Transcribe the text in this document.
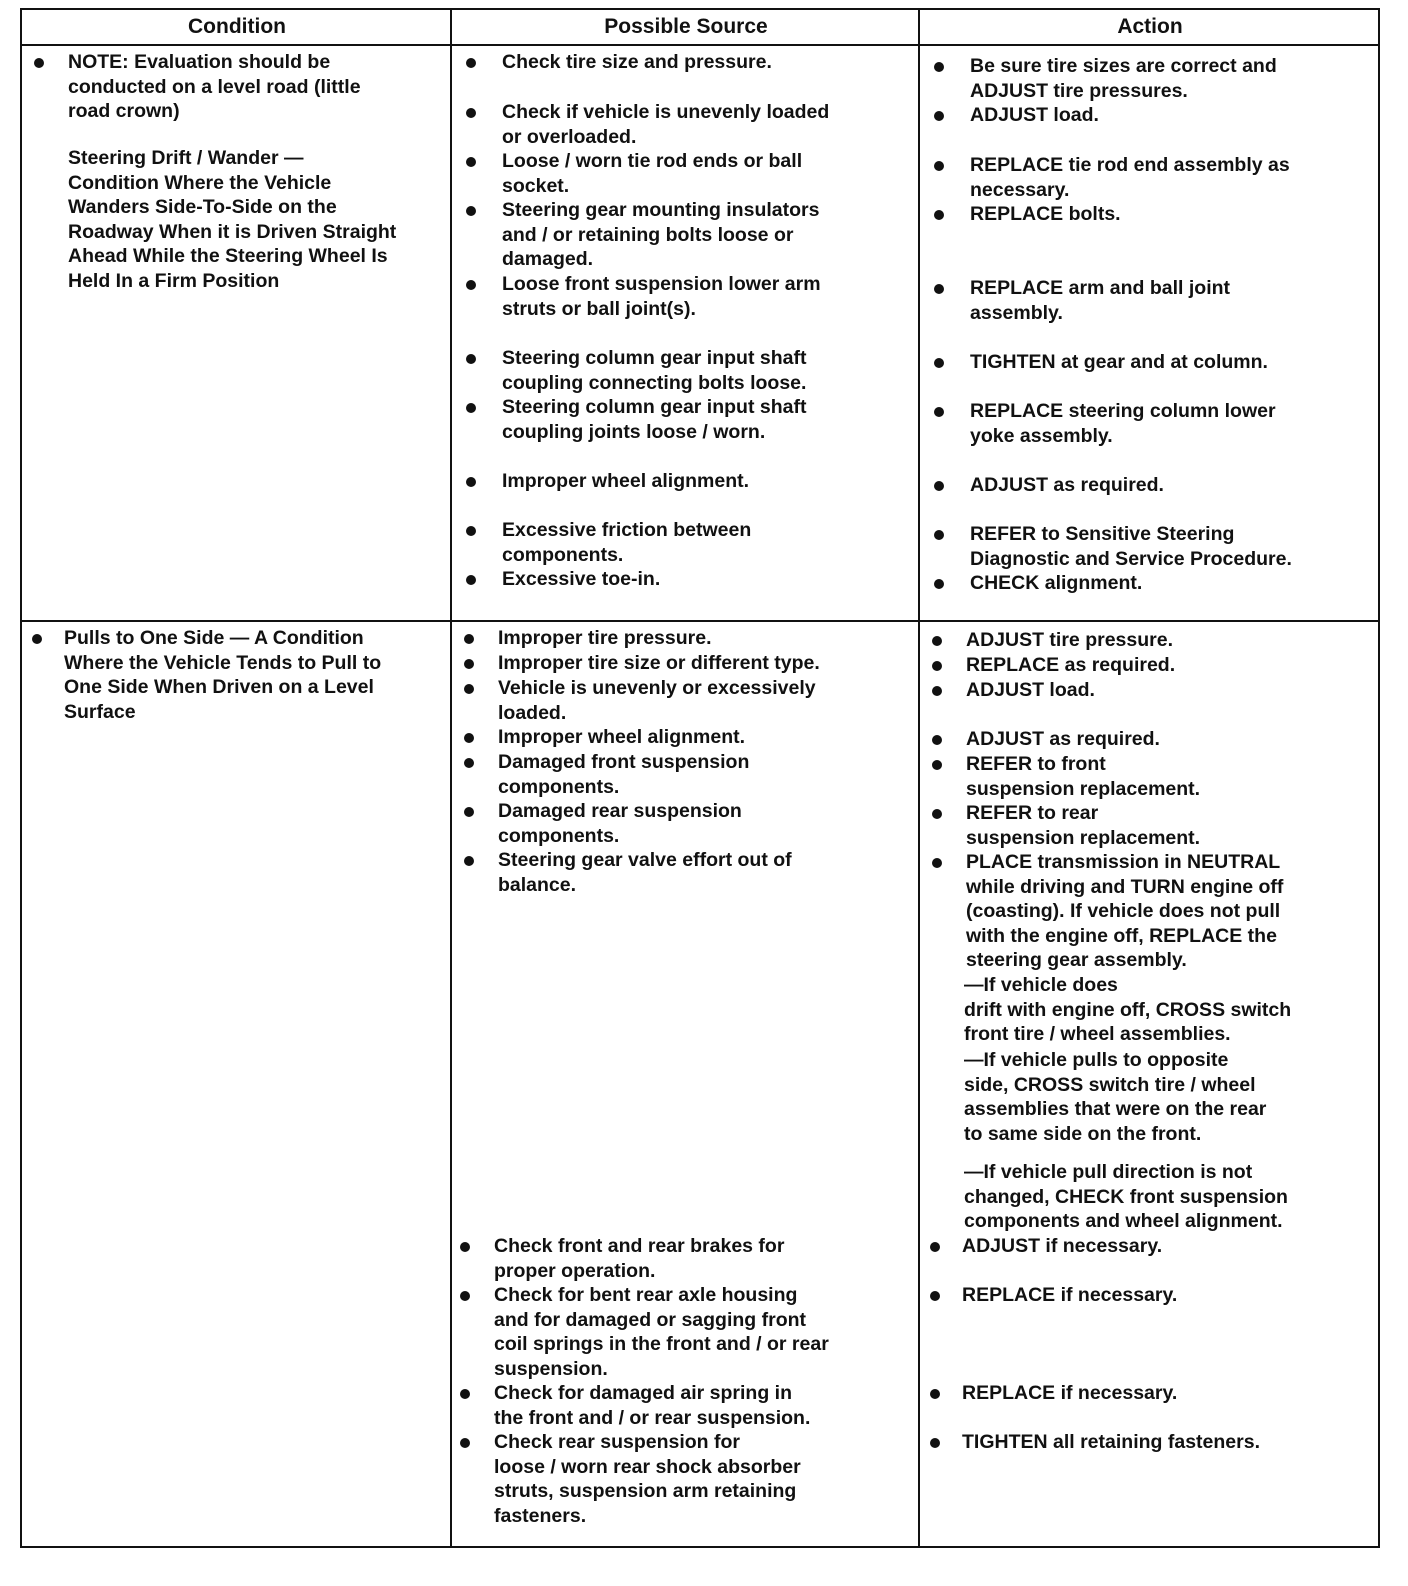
Condition	Possible Source	Action
NOTE: Evaluation should be
conducted on a level road (little
road crown)
Steering Drift / Wander —
Condition Where the Vehicle
Wanders Side-To-Side on the
Roadway When it is Driven Straight
Ahead While the Steering Wheel Is
Held In a Firm Position
Check tire size and pressure.
Check if vehicle is unevenly loaded
or overloaded.
Loose / worn tie rod ends or ball
socket.
Steering gear mounting insulators
and / or retaining bolts loose or
damaged.
Loose front suspension lower arm
struts or ball joint(s).
Steering column gear input shaft
coupling connecting bolts loose.
Steering column gear input shaft
coupling joints loose / worn.
Improper wheel alignment.
Excessive friction between
components.
Excessive toe-in.
Be sure tire sizes are correct and
ADJUST tire pressures.
ADJUST load.
REPLACE tie rod end assembly as
necessary.
REPLACE bolts.
REPLACE arm and ball joint
assembly.
TIGHTEN at gear and at column.
REPLACE steering column lower
yoke assembly.
ADJUST as required.
REFER to Sensitive Steering
Diagnostic and Service Procedure.
CHECK alignment.
Pulls to One Side — A Condition
Where the Vehicle Tends to Pull to
One Side When Driven on a Level
Surface
Improper tire pressure.
Improper tire size or different type.
Vehicle is unevenly or excessively
loaded.
Improper wheel alignment.
Damaged front suspension
components.
Damaged rear suspension
components.
Steering gear valve effort out of
balance.
Check front and rear brakes for
proper operation.
Check for bent rear axle housing
and for damaged or sagging front
coil springs in the front and / or rear
suspension.
Check for damaged air spring in
the front and / or rear suspension.
Check rear suspension for
loose / worn rear shock absorber
struts, suspension arm retaining
fasteners.
ADJUST tire pressure.
REPLACE as required.
ADJUST load.
ADJUST as required.
REFER to front
suspension replacement.
REFER to rear
suspension replacement.
PLACE transmission in NEUTRAL
while driving and TURN engine off
(coasting). If vehicle does not pull
with the engine off, REPLACE the
steering gear assembly.
—If vehicle does
drift with engine off, CROSS switch
front tire / wheel assemblies.
—If vehicle pulls to opposite
side, CROSS switch tire / wheel
assemblies that were on the rear
to same side on the front.
—If vehicle pull direction is not
changed, CHECK front suspension
components and wheel alignment.
ADJUST if necessary.
REPLACE if necessary.
REPLACE if necessary.
TIGHTEN all retaining fasteners.
